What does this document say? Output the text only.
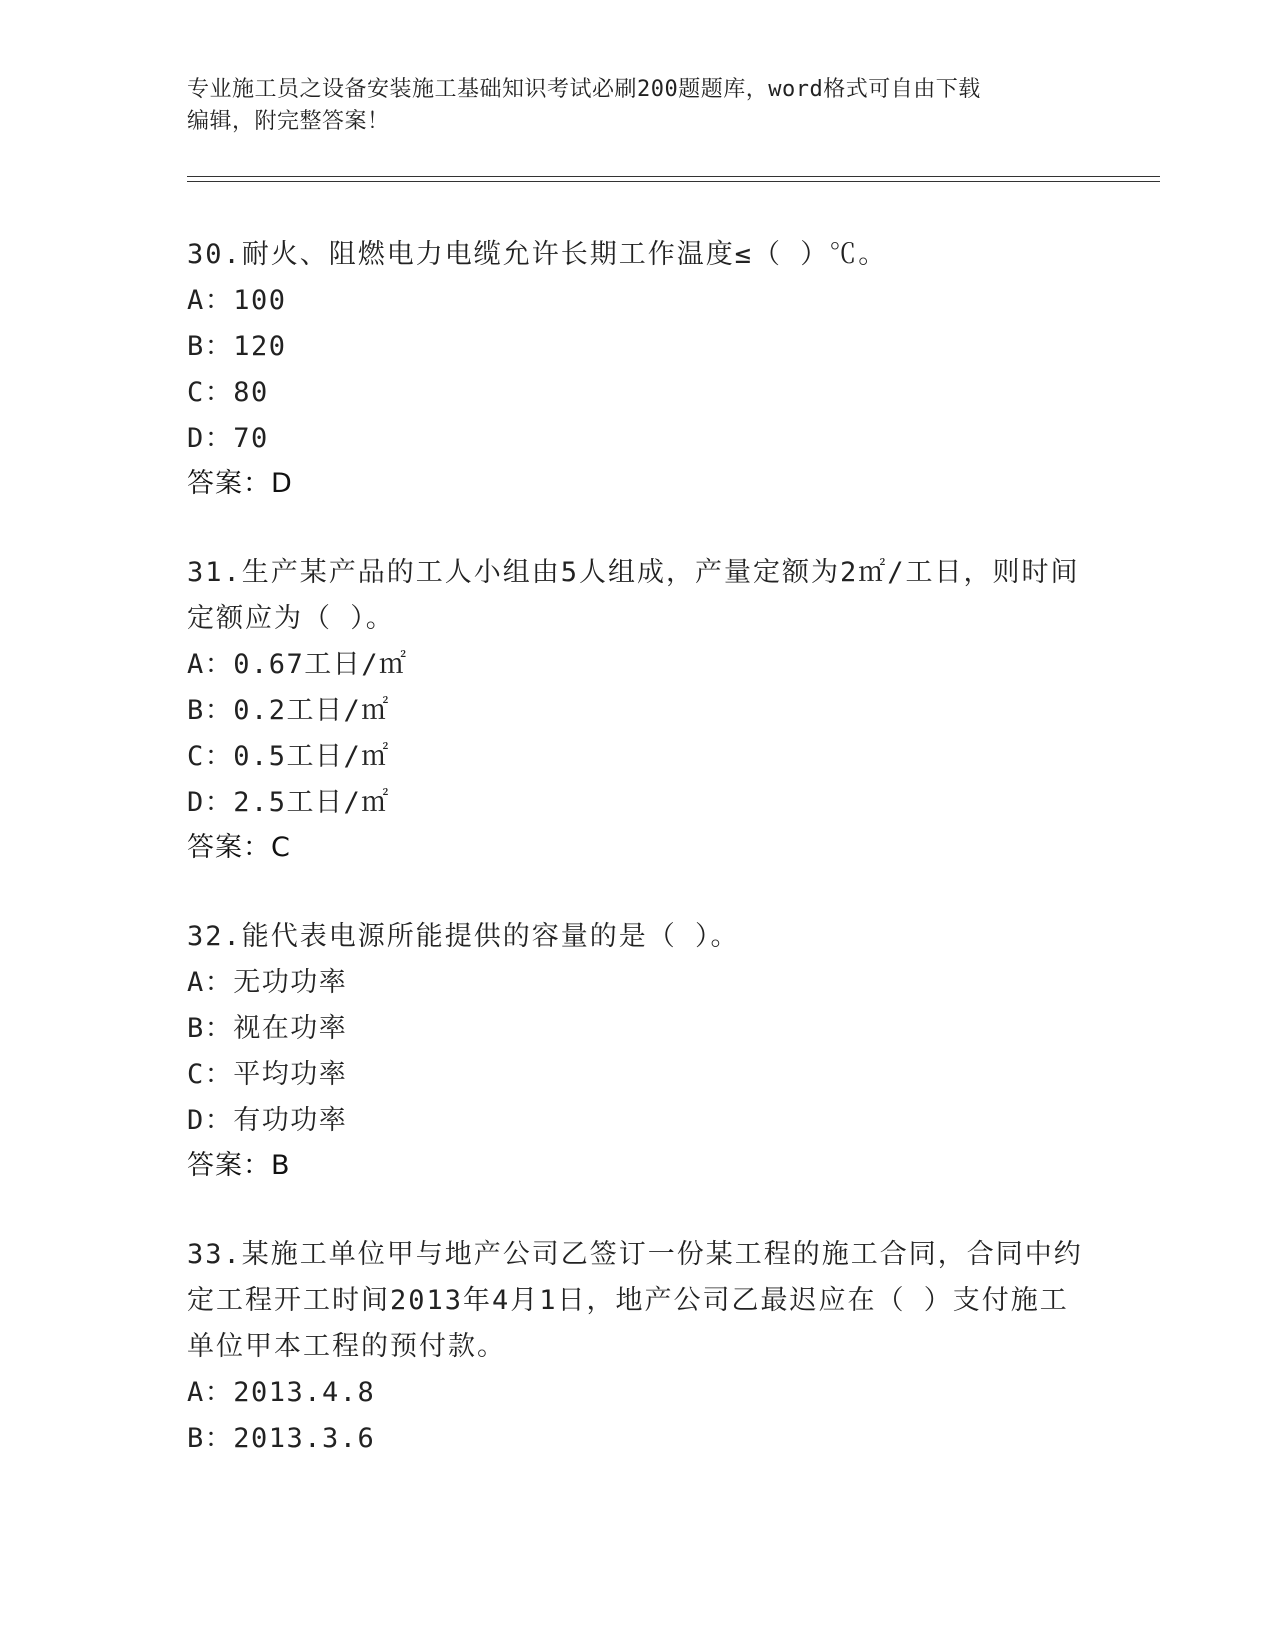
专业施工员之设备安装施工基础知识考试必刷200题题库，word格式可自由下载
编辑，附完整答案！

30.耐火、阻燃电力电缆允许长期工作温度≤（ ）℃。

A：100

B：120

C：80

D：70

答案：D

31.生产某产品的工人小组由5人组成，产量定额为2㎡/工日，则时间定额应为（ ）。

A：0.67工日/㎡

B：0.2工日/㎡

C：0.5工日/㎡

D：2.5工日/㎡

答案：C

32.能代表电源所能提供的容量的是（ ）。

A：无功功率

B：视在功率

C：平均功率

D：有功功率

答案：B

33.某施工单位甲与地产公司乙签订一份某工程的施工合同，合同中约定工程开工时间2013年4月1日，地产公司乙最迟应在（ ）支付施工单位甲本工程的预付款。

A：2013.4.8

B：2013.3.6
